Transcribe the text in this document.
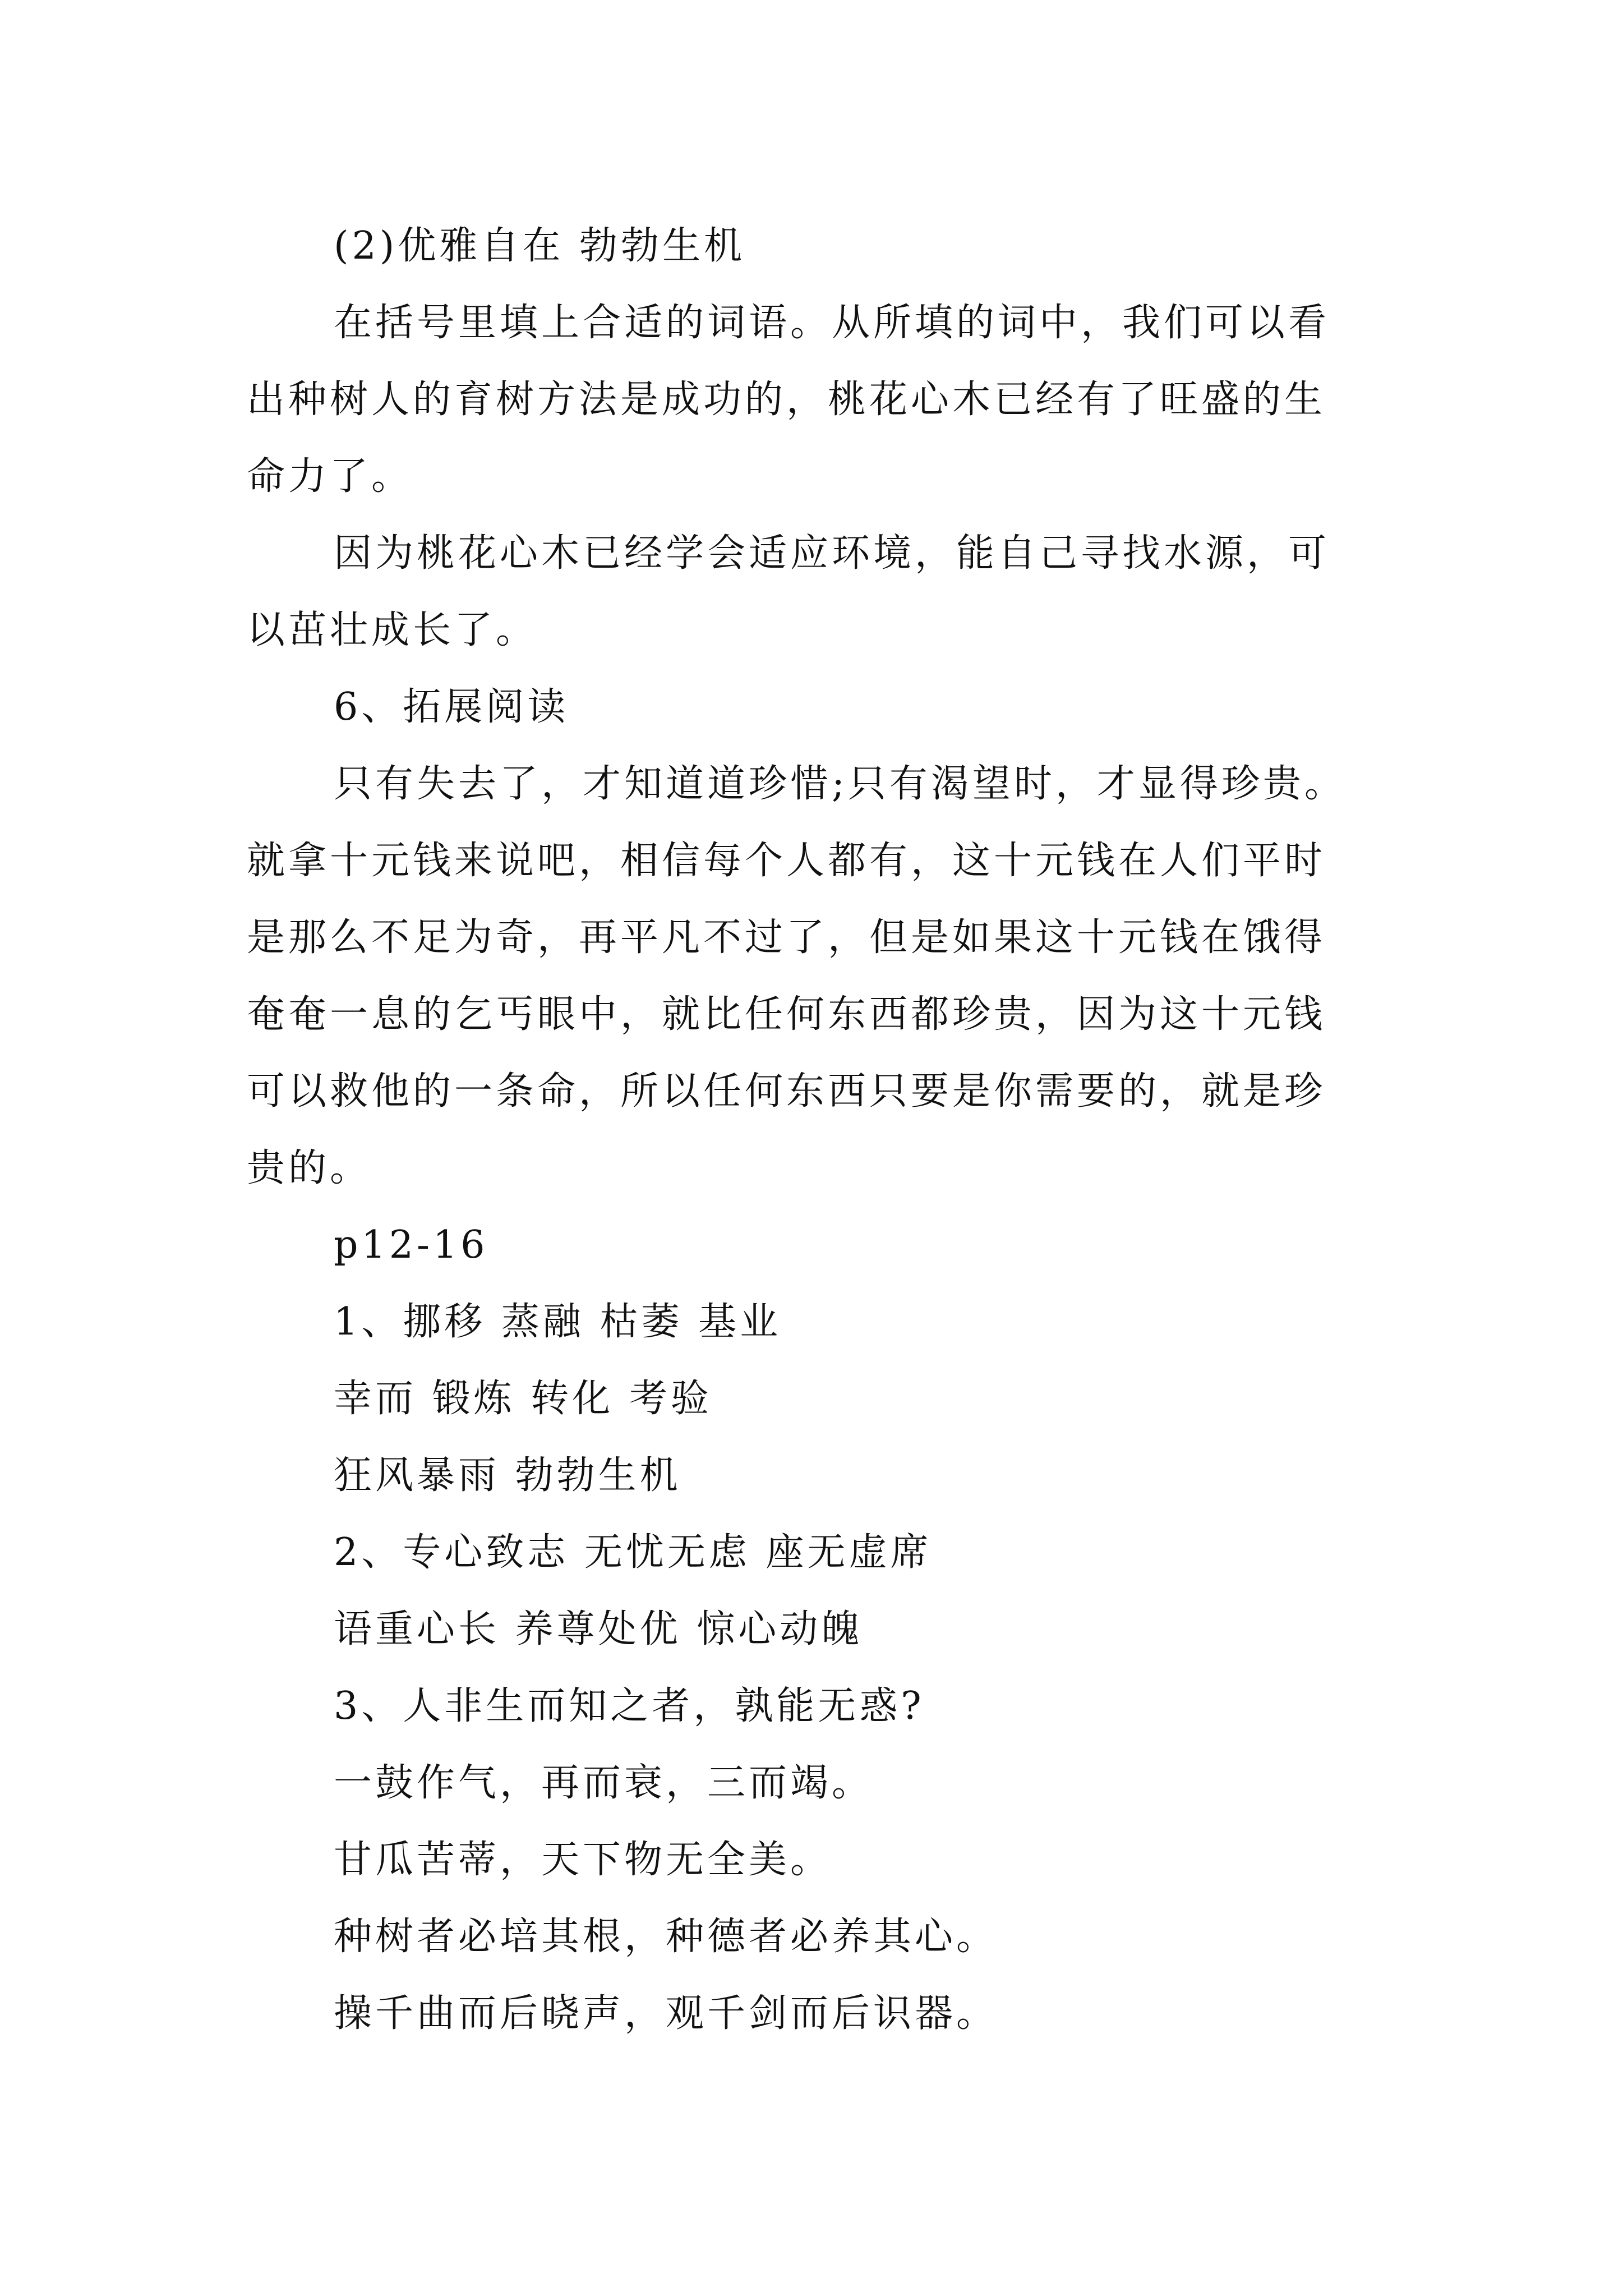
(2)优雅自在 勃勃生机
在括号里填上合适的词语。从所填的词中，我们可以看
出种树人的育树方法是成功的，桃花心木已经有了旺盛的生
命力了。
因为桃花心木已经学会适应环境，能自己寻找水源，可
以茁壮成长了。
6、拓展阅读
只有失去了，才知道道珍惜;只有渴望时，才显得珍贵。
就拿十元钱来说吧，相信每个人都有，这十元钱在人们平时
是那么不足为奇，再平凡不过了，但是如果这十元钱在饿得
奄奄一息的乞丐眼中，就比任何东西都珍贵，因为这十元钱
可以救他的一条命，所以任何东西只要是你需要的，就是珍
贵的。
p12-16
1、挪移 蒸融 枯萎 基业
幸而 锻炼 转化 考验
狂风暴雨 勃勃生机
2、专心致志 无忧无虑 座无虚席
语重心长 养尊处优 惊心动魄
3、人非生而知之者，孰能无惑?
一鼓作气，再而衰，三而竭。
甘瓜苦蒂，天下物无全美。
种树者必培其根，种德者必养其心。
操千曲而后晓声，观千剑而后识器。
